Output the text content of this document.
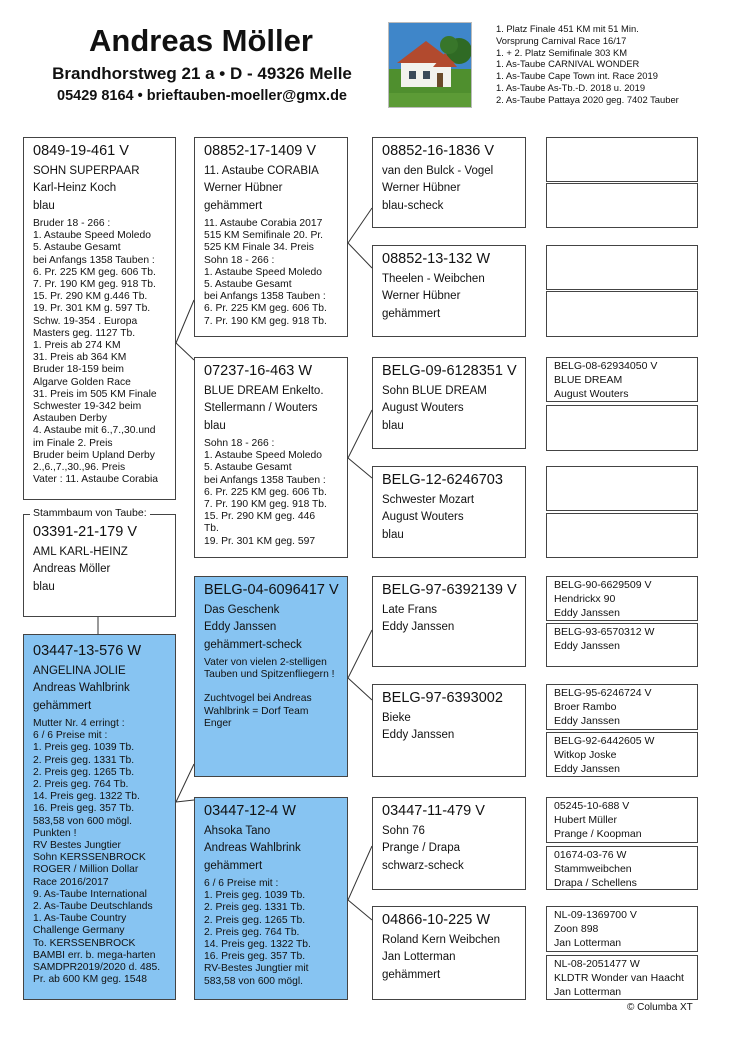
Andreas Möller
Brandhorstweg 21 a • D - 49326 Melle
05429 8164 • brieftauben-moeller@gmx.de
1. Platz Finale 451 KM mit 51 Min.
Vorsprung Carnival Race 16/17
1. + 2. Platz Semifinale 303 KM
1. As-Taube CARNIVAL WONDER
1. As-Taube Cape Town int. Race 2019
1. As-Taube As-Tb.-D. 2018 u. 2019
2. As-Taube Pattaya 2020 geg. 7402 Tauber
0849-19-461 V
SOHN SUPERPAAR
Karl-Heinz Koch
blau
Bruder 18 - 266 :
1. Astaube Speed Moledo
5. Astaube Gesamt
bei Anfangs 1358 Tauben :
6. Pr. 225 KM geg. 606 Tb.
7. Pr. 190 KM geg. 918 Tb.
15. Pr. 290 KM g.446 Tb.
19. Pr. 301 KM g. 597 Tb.
Schw. 19-354 . Europa
Masters geg. 1127 Tb.
1. Preis ab 274 KM
31. Preis ab 364 KM
Bruder 18-159 beim
Algarve Golden Race
31. Preis im 505 KM Finale
Schwester 19-342 beim
Astauben Derby
4. Astaube mit 6.,7.,30.und
im Finale 2. Preis
Bruder beim Upland Derby
2.,6.,7.,30.,96. Preis
Vater : 11. Astaube Corabia
03391-21-179 V
AML KARL-HEINZ
Andreas Möller
blau
Stammbaum von Taube:
03447-13-576 W
ANGELINA JOLIE
Andreas Wahlbrink
gehämmert
Mutter Nr. 4 erringt :
6 / 6 Preise mit :
1. Preis geg. 1039 Tb.
2. Preis geg. 1331 Tb.
2. Preis geg. 1265 Tb.
2. Preis geg. 764 Tb.
14. Preis geg. 1322 Tb.
16. Preis geg. 357 Tb.
583,58 von 600 mögl.
Punkten !
RV Bestes Jungtier
Sohn KERSSENBROCK
ROGER / Million Dollar
Race 2016/2017
9. As-Taube International
2. As-Taube Deutschlands
1. As-Taube Country
Challenge Germany
To. KERSSENBROCK
BAMBI err. b. mega-harten
SAMDPR2019/2020 d. 485.
Pr. ab 600 KM geg. 1548
08852-17-1409 V
11. Astaube CORABIA
Werner Hübner
gehämmert
11. Astaube Corabia 2017
515 KM Semifinale 20. Pr.
525 KM Finale 34. Preis
Sohn 18 - 266 :
1. Astaube Speed Moledo
5. Astaube Gesamt
bei Anfangs 1358 Tauben :
6. Pr. 225 KM geg. 606 Tb.
7. Pr. 190 KM geg. 918 Tb.
07237-16-463 W
BLUE DREAM Enkelto.
Stellermann / Wouters
blau
Sohn 18 - 266 :
1. Astaube Speed Moledo
5. Astaube Gesamt
bei Anfangs 1358 Tauben :
6. Pr. 225 KM geg. 606 Tb.
7. Pr. 190 KM geg. 918 Tb.
15. Pr. 290 KM geg. 446
Tb.
19. Pr. 301 KM geg. 597
BELG-04-6096417 V
Das Geschenk
Eddy Janssen
gehämmert-scheck
Vater von vielen 2-stelligen Tauben und Spitzenfliegern !
Zuchtvogel bei Andreas Wahlbrink = Dorf Team Enger
03447-12-4 W
Ahsoka Tano
Andreas Wahlbrink
gehämmert
6 / 6 Preise mit :
1. Preis geg. 1039 Tb.
2. Preis geg. 1331 Tb.
2. Preis geg. 1265 Tb.
2. Preis geg. 764 Tb.
14. Preis geg. 1322 Tb.
16. Preis geg. 357 Tb.
RV-Bestes Jungtier mit
583,58 von 600 mögl.
08852-16-1836 V
van den Bulck - Vogel
Werner Hübner
blau-scheck
08852-13-132 W
Theelen - Weibchen
Werner Hübner
gehämmert
BELG-09-6128351 V
Sohn BLUE DREAM
August Wouters
blau
BELG-12-6246703
Schwester Mozart
August Wouters
blau
BELG-97-6392139 V
Late Frans
Eddy Janssen
BELG-97-6393002
Bieke
Eddy Janssen
03447-11-479 V
Sohn 76
Prange / Drapa
schwarz-scheck
04866-10-225 W
Roland Kern Weibchen
Jan Lotterman
gehämmert
BELG-08-62934050 V
BLUE DREAM
August Wouters
BELG-90-6629509 V
Hendrickx 90
Eddy Janssen
BELG-93-6570312 W
Eddy Janssen
BELG-95-6246724 V
Broer Rambo
Eddy Janssen
BELG-92-6442605 W
Witkop Joske
Eddy Janssen
05245-10-688 V
Hubert Müller
Prange / Koopman
01674-03-76 W
Stammweibchen
Drapa / Schellens
NL-09-1369700 V
Zoon 898
Jan Lotterman
NL-08-2051477 W
KLDTR Wonder van Haacht
Jan Lotterman
© Columba XT
